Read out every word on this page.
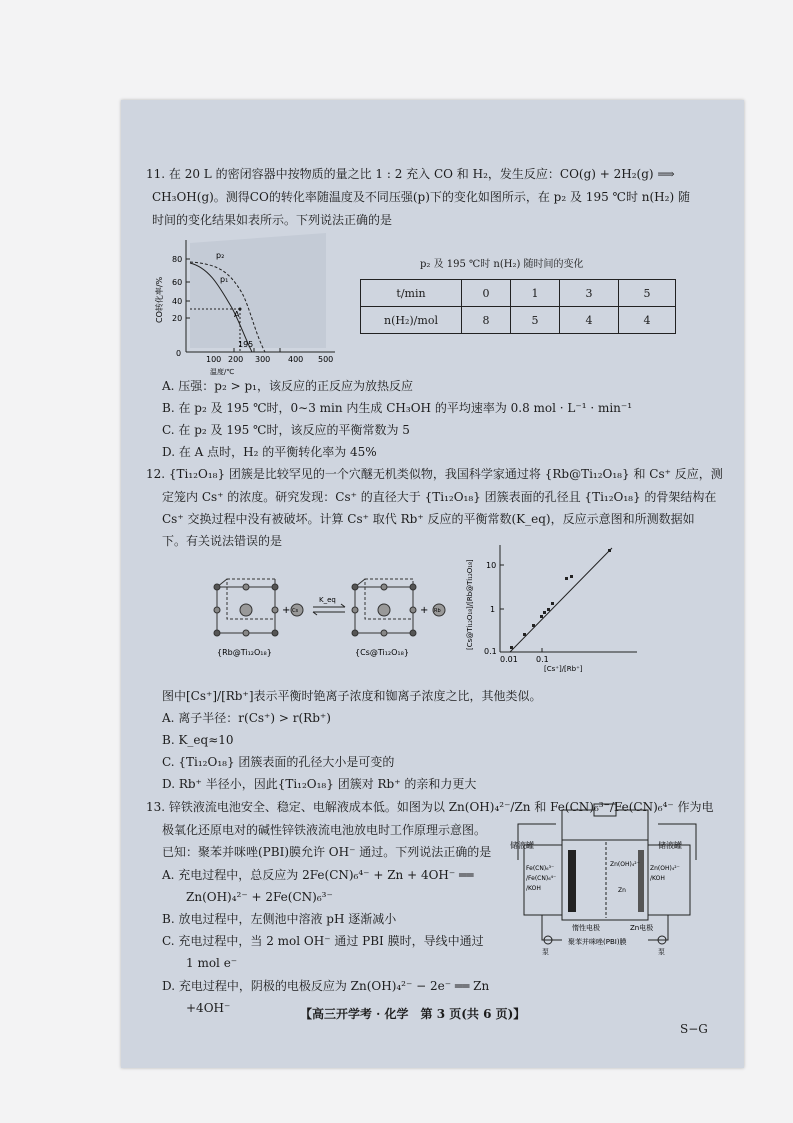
11. 在 20 L 的密闭容器中按物质的量之比 1 : 2 充入 CO 和 H₂，发生反应：CO(g) + 2H₂(g) ⟹
CH₃OH(g)。测得CO的转化率随温度及不同压强(p)下的变化如图所示，在 p₂ 及 195 ℃时 n(H₂) 随
时间的变化结果如表所示。下列说法正确的是
CO转化率/%
80
60
40
20
0
100 200 300 400 500
温度/℃
p₂
p₁
A
195
p₂ 及 195 ℃时 n(H₂) 随时间的变化
t/min	0	1	3	5
n(H₂)/mol	8	5	4	4
A. 压强：p₂ > p₁，该反应的正反应为放热反应
B. 在 p₂ 及 195 ℃时，0∼3 min 内生成 CH₃OH 的平均速率为 0.8 mol · L⁻¹ · min⁻¹
C. 在 p₂ 及 195 ℃时，该反应的平衡常数为 5
D. 在 A 点时，H₂ 的平衡转化率为 45%
12. {Ti₁₂O₁₈} 团簇是比较罕见的一个穴醚无机类似物，我国科学家通过将 {Rb@Ti₁₂O₁₈} 和 Cs⁺ 反应，测
定笼内 Cs⁺ 的浓度。研究发现：Cs⁺ 的直径大于 {Ti₁₂O₁₈} 团簇表面的孔径且 {Ti₁₂O₁₈} 的骨架结构在
Cs⁺ 交换过程中没有被破坏。计算 Cs⁺ 取代 Rb⁺ 反应的平衡常数(K_eq)，反应示意图和所测数据如
下。有关说法错误的是
+ Cs
K_eq
+ Rb
{Rb@Ti₁₂O₁₈}	{Cs@Ti₁₂O₁₈}
[Cs@Ti₁₂O₁₈]/[Rb@Ti₁₂O₁₈] 10
1
0.1
0.01 0.1
[Cs⁺]/[Rb⁺]
图中[Cs⁺]/[Rb⁺]表示平衡时铯离子浓度和铷离子浓度之比，其他类似。
A. 离子半径：r(Cs⁺) > r(Rb⁺)
B. K_eq≈10
C. {Ti₁₂O₁₈} 团簇表面的孔径大小是可变的
D. Rb⁺ 半径小，因此{Ti₁₂O₁₈} 团簇对 Rb⁺ 的亲和力更大
13. 锌铁液流电池安全、稳定、电解液成本低。如图为以 Zn(OH)₄²⁻/Zn 和 Fe(CN)₆³⁻/Fe(CN)₆⁴⁻ 作为电
极氧化还原电对的碱性锌铁液流电池放电时工作原理示意图。
已知：聚苯并咪唑(PBI)膜允许 OH⁻ 通过。下列说法正确的是
A. 充电过程中，总反应为 2Fe(CN)₆⁴⁻ + Zn + 4OH⁻ ══
Zn(OH)₄²⁻ + 2Fe(CN)₆³⁻
B. 放电过程中，左侧池中溶液 pH 逐渐减小
C. 充电过程中，当 2 mol OH⁻ 通过 PBI 膜时，导线中通过
1 mol e⁻
D. 充电过程中，阴极的电极反应为 Zn(OH)₄²⁻ − 2e⁻ ══ Zn
+4OH⁻
储液罐	储液罐
Fe(CN)₆³⁻
/Fe(CN)₆⁴⁻
/KOH
Zn(OH)₄²⁻
Zn
Zn(OH)₄²⁻
/KOH
惰性电极	Zn电极
泵	泵
聚苯并咪唑(PBI)膜
【高三开学考 · 化学　第 3 页(共 6 页)】
S−G
